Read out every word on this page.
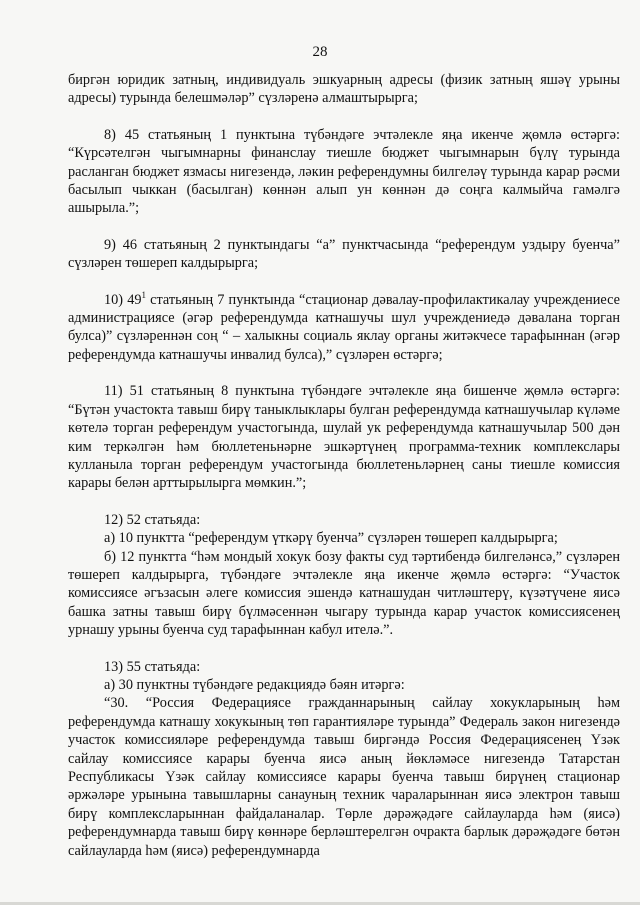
28

биргән юридик затның, индивидуаль эшкуарның адресы (физик затның яшәү урыны адресы) турында белешмәләр” сүзләренә алмаштырырга;

8) 45 статьяның 1 пунктына түбәндәге эчтәлекле яңа икенче җөмлә өстәргә: “Күрсәтелгән чыгымнарны финанслау тиешле бюджет чыгымнарын бүлү турында расланган бюджет язмасы нигезендә, ләкин референдумны билгеләү турында карар рәсми басылып чыккан (басылган) көннән алып ун көннән дә соңга калмыйча гамәлгә ашырыла.”;

9) 46 статьяның 2 пунктындагы “a” пунктчасында “референдум уздыру буенча” сүзләрен төшереп калдырырга;

10) $49^1$ статьяның 7 пунктында “стационар дәвалау-профилактикалау учреждениесе администрациясе (әгәр референдумда катнашучы шул учреждениедә дәвалана торган булса)” сүзләреннән соң “ – халыкны социаль яклау органы житәкчесе тарафыннан (әгәр референдумда катнашучы инвалид булса),” сүзләрен өстәргә;

11) 51 статьяның 8 пунктына түбәндәге эчтәлекле яңа бишенче җөмлә өстәргә: “Бүтән участокта тавыш бирү таныклыклары булган референдумда катнашучылар күләме көтелә торган референдум участогында, шулай ук референдумда катнашучылар 500 дән ким теркәлгән һәм бюллетеньнәрне эшкәртүнең программа-техник комплекслары кулланыла торган референдум участогында бюллетеньләрнең саны тиешле комиссия карары белән арттырылырга мөмкин.”;

12) 52 статьяда:

a) 10 пунктта “референдум үткәрү буенча” сүзләрен төшереп калдырырга;

б) 12 пунктта “һәм мондый хокук бозу факты суд тәртибендә билгеләнсә,” сүзләрен төшереп калдырырга, түбәндәге эчтәлекле яңа икенче җөмлә өстәргә: “Участок комиссиясе әгъзасын әлеге комиссия эшендә катнашудан читләштерү, күзәтүчене яисә башка затны тавыш бирү бүлмәсеннән чыгару турында карар участок комиссиясенең урнашу урыны буенча суд тарафыннан кабул ителә.”.

13) 55 статьяда:

a) 30 пунктны түбәндәге редакциядә бәян итәргә:

“30. “Россия Федерациясе гражданнарының сайлау хокукларының һәм референдумда катнашу хокукының төп гарантияләре турында” Федераль закон нигезендә участок комиссияләре референдумда тавыш биргәндә Россия Федерациясенең Үзәк сайлау комиссиясе карары буенча яисә аның йөкләмәсе нигезендә Татарстан Республикасы Үзәк сайлау комиссиясе карары буенча тавыш бирүнең стационар әржәләре урынына тавышларны санауның техник чараларыннан яисә электрон тавыш бирү комплексларыннан файдаланалар. Төрле дәрәҗәдәге сайлауларда һәм (яисә) референдумнарда тавыш бирү көннәре берләштерелгән очракта барлык дәрәҗәдәге бөтән сайлауларда һәм (яисә) референдумнарда
